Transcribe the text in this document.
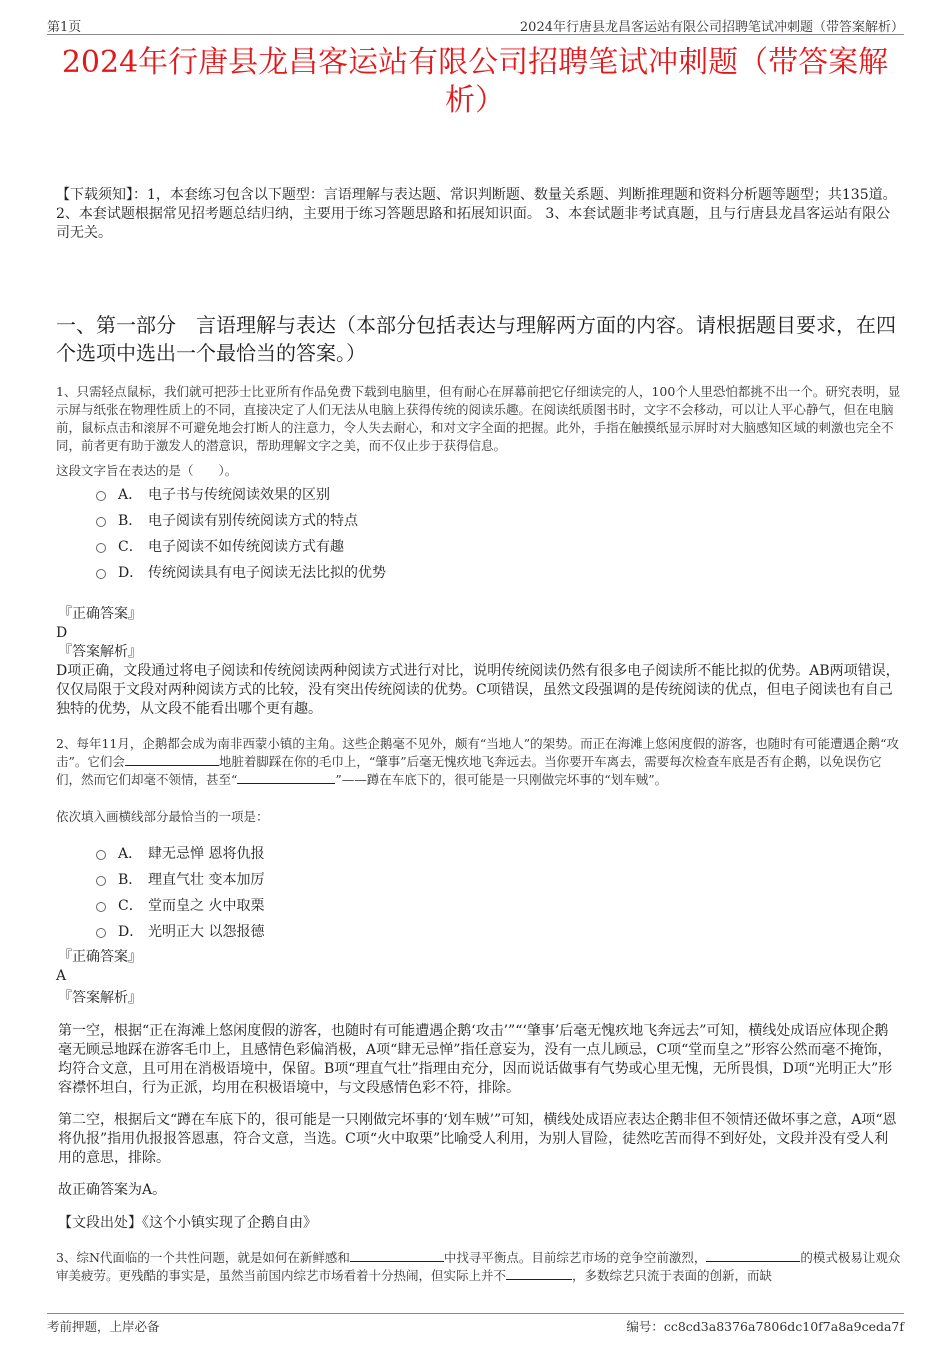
第1页	2024年行唐县龙昌客运站有限公司招聘笔试冲刺题（带答案解析）
2024年行唐县龙昌客运站有限公司招聘笔试冲刺题（带答案解析）
【下载须知】：1，本套练习包含以下题型：言语理解与表达题、常识判断题、数量关系题、判断推理题和资料分析题等题型；共135道。 2、本套试题根据常见招考题总结归纳，主要用于练习答题思路和拓展知识面。 3、本套试题非考试真题，且与行唐县龙昌客运站有限公司无关。
一、第一部分　言语理解与表达（本部分包括表达与理解两方面的内容。请根据题目要求，在四个选项中选出一个最恰当的答案。）
1、只需轻点鼠标，我们就可把莎士比亚所有作品免费下载到电脑里，但有耐心在屏幕前把它仔细读完的人，100个人里恐怕都挑不出一个。研究表明，显示屏与纸张在物理性质上的不同，直接决定了人们无法从电脑上获得传统的阅读乐趣。在阅读纸质图书时，文字不会移动，可以让人平心静气，但在电脑前，鼠标点击和滚屏不可避免地会打断人的注意力，令人失去耐心，和对文字全面的把握。此外，手指在触摸纸显示屏时对大脑感知区域的刺激也完全不同，前者更有助于激发人的潜意识，帮助理解文字之美，而不仅止步于获得信息。
这段文字旨在表达的是（　　）。
A． 电子书与传统阅读效果的区别
B． 电子阅读有别传统阅读方式的特点
C． 电子阅读不如传统阅读方式有趣
D． 传统阅读具有电子阅读无法比拟的优势
『正确答案』
D
『答案解析』
D项正确，文段通过将电子阅读和传统阅读两种阅读方式进行对比，说明传统阅读仍然有很多电子阅读所不能比拟的优势。AB两项错误，仅仅局限于文段对两种阅读方式的比较，没有突出传统阅读的优势。C项错误，虽然文段强调的是传统阅读的优点，但电子阅读也有自己独特的优势，从文段不能看出哪个更有趣。
2、每年11月，企鹅都会成为南非西蒙小镇的主角。这些企鹅毫不见外，颇有“当地人”的架势。而正在海滩上悠闲度假的游客，也随时有可能遭遇企鹅“攻击”。它们会	地脏着脚踩在你的毛巾上，“肇事”后毫无愧疚地飞奔远去。当你要开车离去，需要每次检查车底是否有企鹅，以免误伤它们，然而它们却毫不领情，甚至“	”——蹲在车底下的，很可能是一只刚做完坏事的“划车贼”。
依次填入画横线部分最恰当的一项是：
A． 肆无忌惮 恩将仇报
B． 理直气壮 变本加厉
C． 堂而皇之 火中取栗
D． 光明正大 以怨报德
『正确答案』
A
『答案解析』
第一空，根据“正在海滩上悠闲度假的游客，也随时有可能遭遇企鹅‘攻击’”“‘肇事’后毫无愧疚地飞奔远去”可知，横线处成语应体现企鹅毫无顾忌地踩在游客毛巾上，且感情色彩偏消极，A项“肆无忌惮”指任意妄为，没有一点儿顾忌，C项“堂而皇之”形容公然而毫不掩饰，均符合文意，且可用在消极语境中，保留。B项“理直气壮”指理由充分，因而说话做事有气势或心里无愧，无所畏惧，D项“光明正大”形容襟怀坦白，行为正派，均用在积极语境中，与文段感情色彩不符，排除。
第二空，根据后文“蹲在车底下的，很可能是一只刚做完坏事的‘划车贼’”可知，横线处成语应表达企鹅非但不领情还做坏事之意，A项“恩将仇报”指用仇报报答恩惠，符合文意，当选。C项“火中取栗”比喻受人利用，为别人冒险，徒然吃苦而得不到好处，文段并没有受人利用的意思，排除。
故正确答案为A。
【文段出处】《这个小镇实现了企鹅自由》
3、综N代面临的一个共性问题，就是如何在新鲜感和	中找寻平衡点。目前综艺市场的竞争空前激烈，	的模式极易让观众审美疲劳。更残酷的事实是，虽然当前国内综艺市场看着十分热闹，但实际上并不	，多数综艺只流于表面的创新，而缺
考前押题，上岸必备	编号：cc8cd3a8376a7806dc10f7a8a9ceda7f
